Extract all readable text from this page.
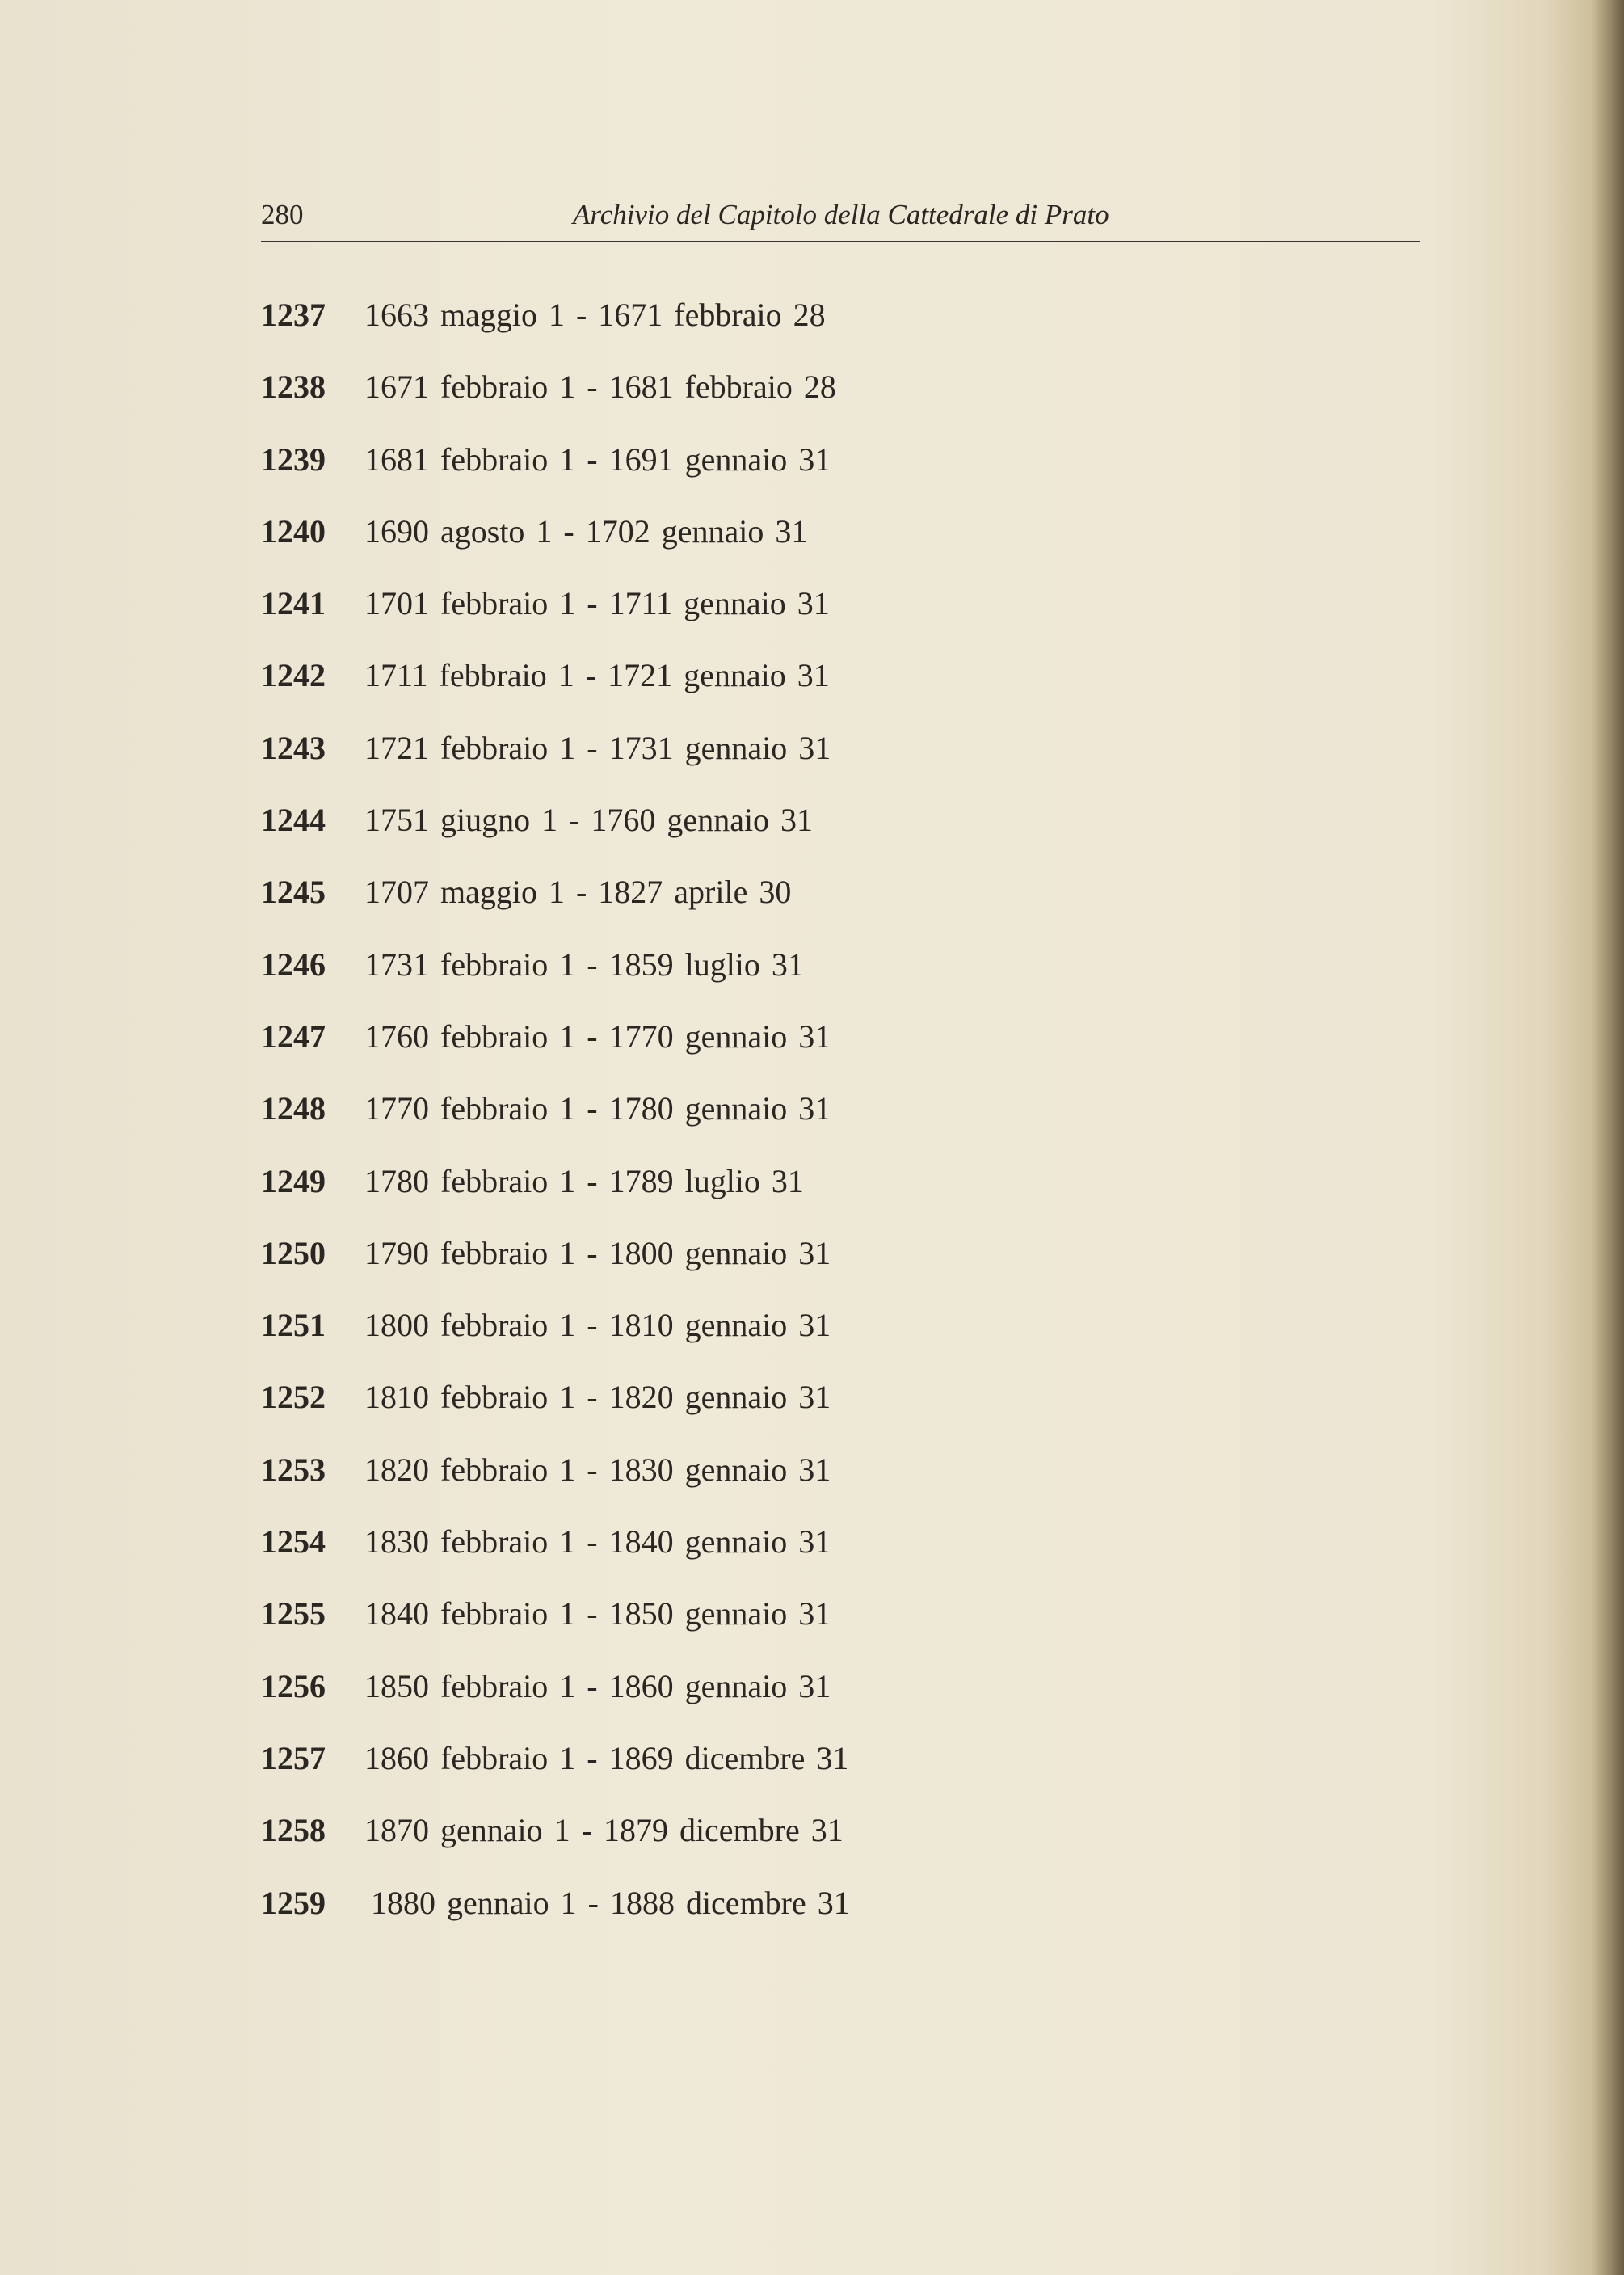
280	Archivio del Capitolo della Cattedrale di Prato
1237 1663 maggio 1 - 1671 febbraio 28
1238 1671 febbraio 1 - 1681 febbraio 28
1239 1681 febbraio 1 - 1691 gennaio 31
1240 1690 agosto 1 - 1702 gennaio 31
1241 1701 febbraio 1 - 1711 gennaio 31
1242 1711 febbraio 1 - 1721 gennaio 31
1243 1721 febbraio 1 - 1731 gennaio 31
1244 1751 giugno 1 - 1760 gennaio 31
1245 1707 maggio 1 - 1827 aprile 30
1246 1731 febbraio 1 - 1859 luglio 31
1247 1760 febbraio 1 - 1770 gennaio 31
1248 1770 febbraio 1 - 1780 gennaio 31
1249 1780 febbraio 1 - 1789 luglio 31
1250 1790 febbraio 1 - 1800 gennaio 31
1251 1800 febbraio 1 - 1810 gennaio 31
1252 1810 febbraio 1 - 1820 gennaio 31
1253 1820 febbraio 1 - 1830 gennaio 31
1254 1830 febbraio 1 - 1840 gennaio 31
1255 1840 febbraio 1 - 1850 gennaio 31
1256 1850 febbraio 1 - 1860 gennaio 31
1257 1860 febbraio 1 - 1869 dicembre 31
1258 1870 gennaio 1 - 1879 dicembre 31
1259 1880 gennaio 1 - 1888 dicembre 31
